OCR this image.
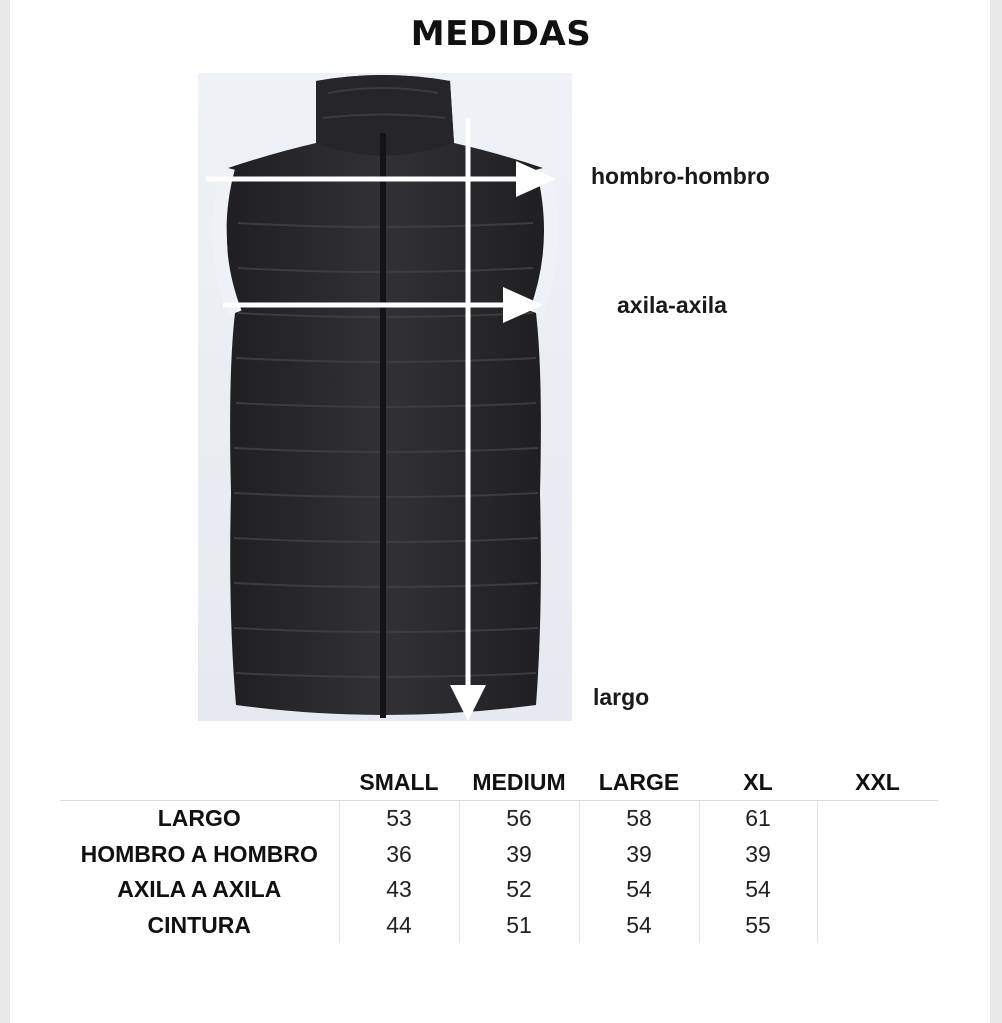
MEDIDAS
hombro-hombro
axila-axila
largo
	SMALL	MEDIUM	LARGE	XL	XXL
LARGO	53	56	58	61	
HOMBRO A HOMBRO	36	39	39	39	
AXILA A AXILA	43	52	54	54	
CINTURA	44	51	54	55	
